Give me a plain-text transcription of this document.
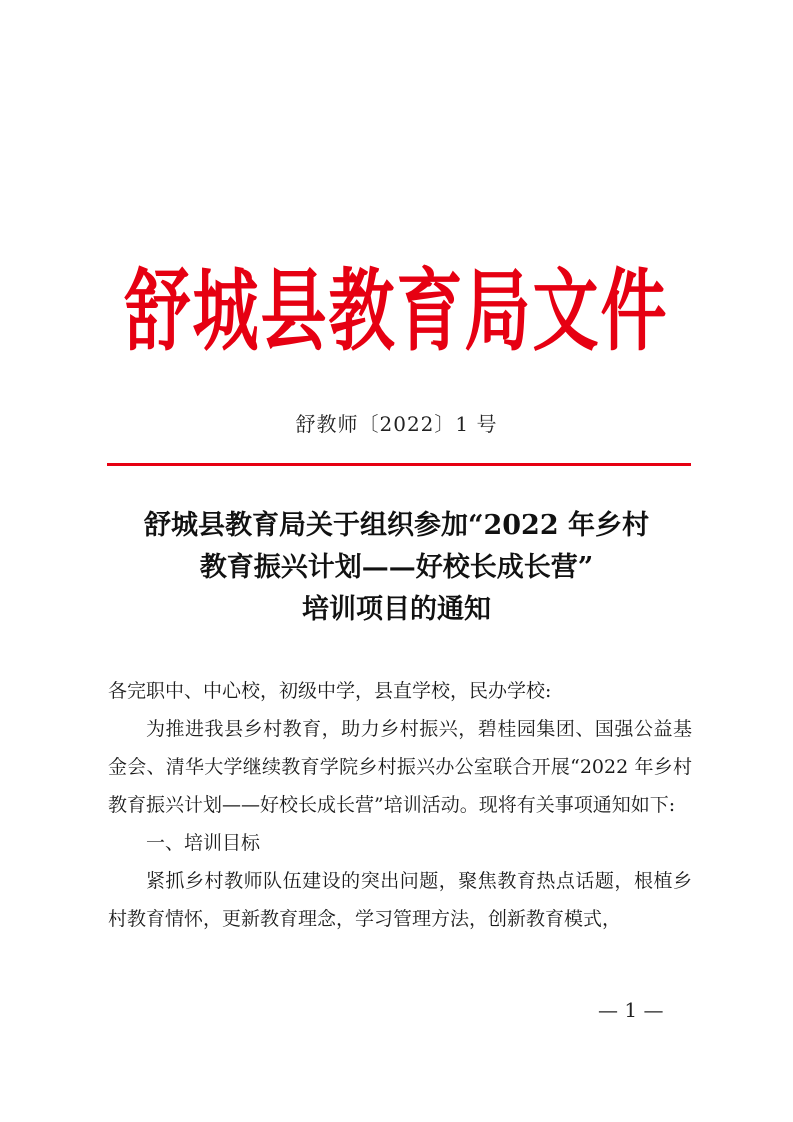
舒城县教育局文件
舒教师〔2022〕1 号
舒城县教育局关于组织参加“2022 年乡村
教育振兴计划——好校长成长营”
培训项目的通知
各完职中、中心校，初级中学，县直学校，民办学校:
为推进我县乡村教育，助力乡村振兴，碧桂园集团、国强公益基金会、清华大学继续教育学院乡村振兴办公室联合开展“2022 年乡村教育振兴计划——好校长成长营”培训活动。现将有关事项通知如下:
一、培训目标
紧抓乡村教师队伍建设的突出问题，聚焦教育热点话题，根植乡村教育情怀，更新教育理念，学习管理方法，创新教育模式，
— 1 —
